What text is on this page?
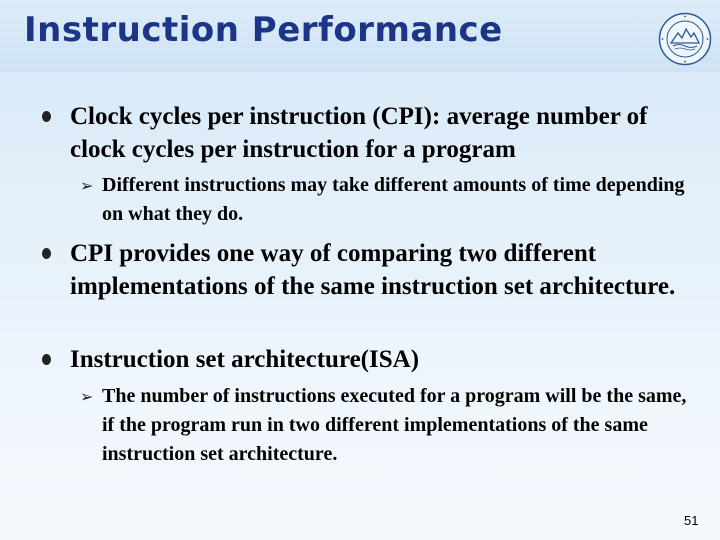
Instruction Performance
Clock cycles per instruction (CPI): average number of clock cycles per instruction for a program
➢ Different instructions may take different amounts of time depending on what they do.
CPI provides one way of comparing two different implementations of the same instruction set architecture.
Instruction set architecture(ISA)
➢ The number of instructions executed for a program will be the same, if the program run in two different implementations of the same instruction set architecture.
51
